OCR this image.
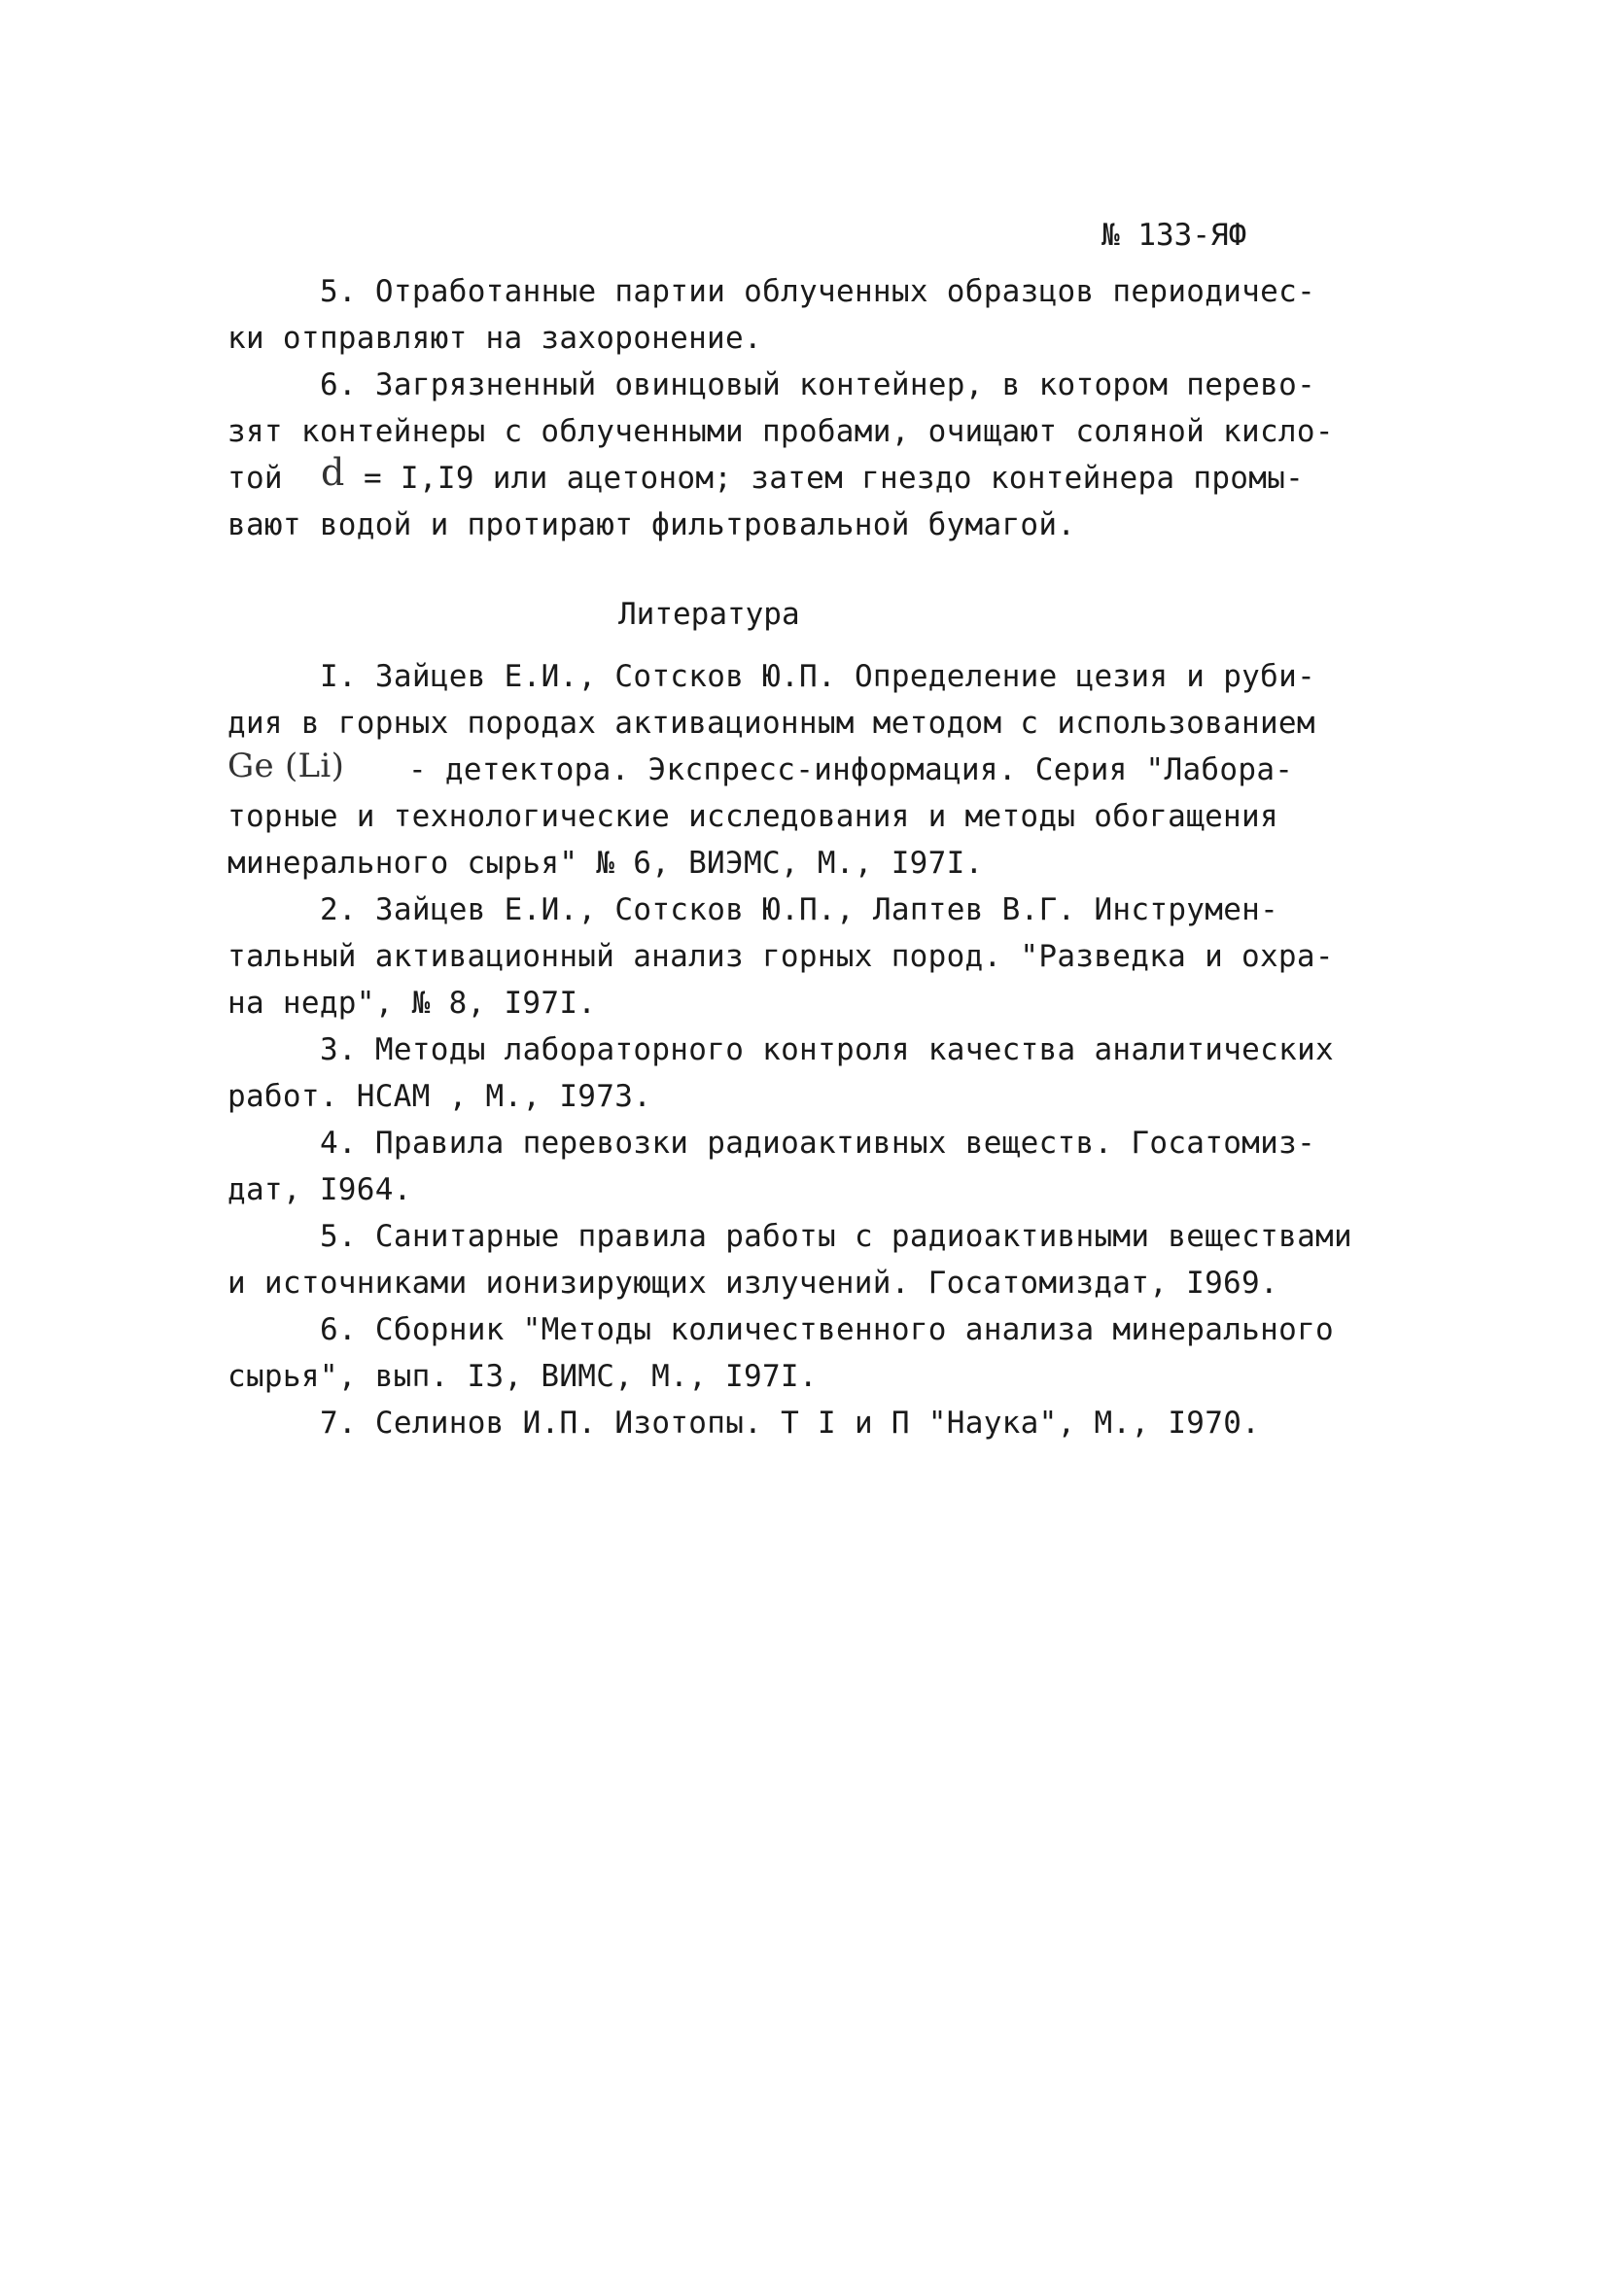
№ 133-ЯФ
5. Отработанные партии облученных образцов периодичес-
ки отправляют на захоронение.
6. Загрязненный овинцовый контейнер, в котором перево-
зят контейнеры с облученными пробами, очищают соляной кисло-
той d = I,I9 или ацетоном; затем гнездо контейнера промы-
вают водой и протирают фильтровальной бумагой.
Литература
I. Зайцев Е.И., Сотсков Ю.П. Определение цезия и руби-
дия в горных породах активационным методом с использованием
Ge (Li) - детектора. Экспресс-информация. Серия "Лабора-
торные и технологические исследования и методы обогащения
минерального сырья" № 6, ВИЭМС, М., I97I.
2. Зайцев Е.И., Сотсков Ю.П., Лаптев В.Г. Инструмен-
тальный активационный анализ горных пород. "Разведка и охра-
на недр", № 8, I97I.
3. Методы лабораторного контроля качества аналитических
работ. НСАМ , М., I973.
4. Правила перевозки радиоактивных веществ. Госатомиз-
дат, I964.
5. Санитарные правила работы с радиоактивными веществами
и источниками ионизирующих излучений. Госатомиздат, I969.
6. Сборник "Методы количественного анализа минерального
сырья", вып. I3, ВИМС, М., I97I.
7. Селинов И.П. Изотопы. Т I и П "Наука", М., I970.
